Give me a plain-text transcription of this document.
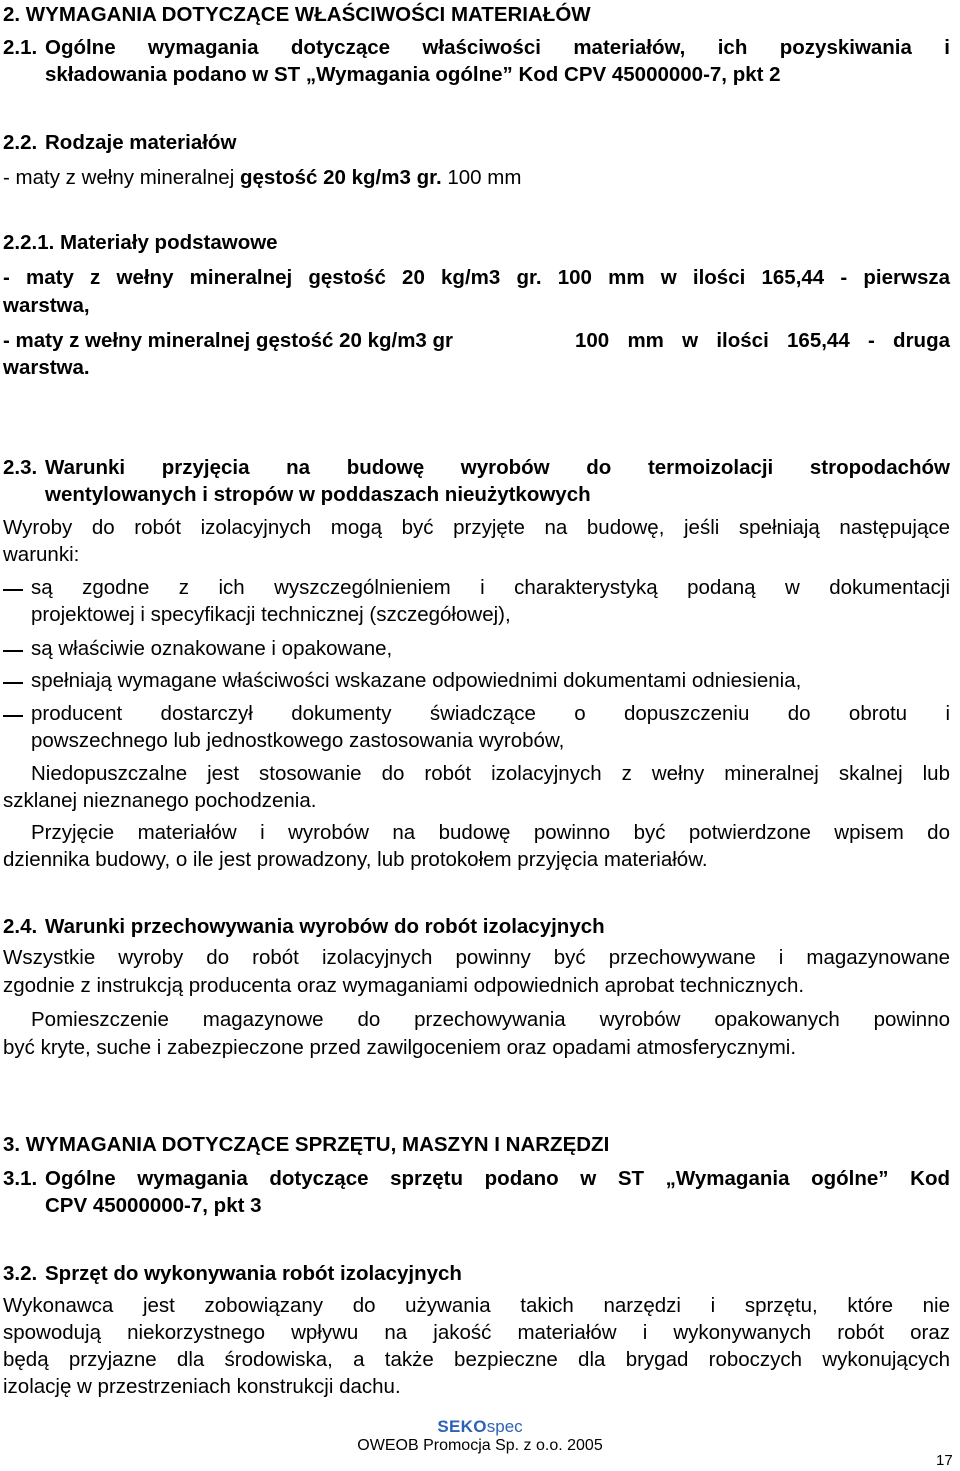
2. WYMAGANIA DOTYCZĄCE WŁAŚCIWOŚCI MATERIAŁÓW
2.1. Ogólne wymagania dotyczące właściwości materiałów, ich pozyskiwania i
składowania podano w ST „Wymagania ogólne” Kod CPV 45000000-7, pkt 2
2.2. Rodzaje materiałów
- maty z wełny mineralnej gęstość 20 kg/m3 gr. 100 mm
2.2.1. Materiały podstawowe
- maty z wełny mineralnej gęstość 20 kg/m3 gr. 100 mm w ilości 165,44 - pierwsza
warstwa,
- maty z wełny mineralnej gęstość 20 kg/m3 gr	100 mm w ilości 165,44 - druga
warstwa.
2.3. Warunki przyjęcia na budowę wyrobów do termoizolacji stropodachów
wentylowanych i stropów w poddaszach nieużytkowych
Wyroby do robót izolacyjnych mogą być przyjęte na budowę, jeśli spełniają następujące
warunki:
są zgodne z ich wyszczególnieniem i charakterystyką podaną w dokumentacji
projektowej i specyfikacji technicznej (szczegółowej),
są właściwie oznakowane i opakowane,
spełniają wymagane właściwości wskazane odpowiednimi dokumentami odniesienia,
producent dostarczył dokumenty świadczące o dopuszczeniu do obrotu i
powszechnego lub jednostkowego zastosowania wyrobów,
Niedopuszczalne jest stosowanie do robót izolacyjnych z wełny mineralnej skalnej lub
szklanej nieznanego pochodzenia.
Przyjęcie materiałów i wyrobów na budowę powinno być potwierdzone wpisem do
dziennika budowy, o ile jest prowadzony, lub protokołem przyjęcia materiałów.
2.4. Warunki przechowywania wyrobów do robót izolacyjnych
Wszystkie wyroby do robót izolacyjnych powinny być przechowywane i magazynowane
zgodnie z instrukcją producenta oraz wymaganiami odpowiednich aprobat technicznych.
Pomieszczenie magazynowe do przechowywania wyrobów opakowanych powinno
być kryte, suche i zabezpieczone przed zawilgoceniem oraz opadami atmosferycznymi.
3. WYMAGANIA DOTYCZĄCE SPRZĘTU, MASZYN I NARZĘDZI
3.1. Ogólne wymagania dotyczące sprzętu podano w ST „Wymagania ogólne” Kod
CPV 45000000-7, pkt 3
3.2. Sprzęt do wykonywania robót izolacyjnych
Wykonawca jest zobowiązany do używania takich narzędzi i sprzętu, które nie
spowodują niekorzystnego wpływu na jakość materiałów i wykonywanych robót oraz
będą przyjazne dla środowiska, a także bezpieczne dla brygad roboczych wykonujących
izolację w przestrzeniach konstrukcji dachu.
SEKOspec
OWEOB Promocja Sp. z o.o. 2005
17
